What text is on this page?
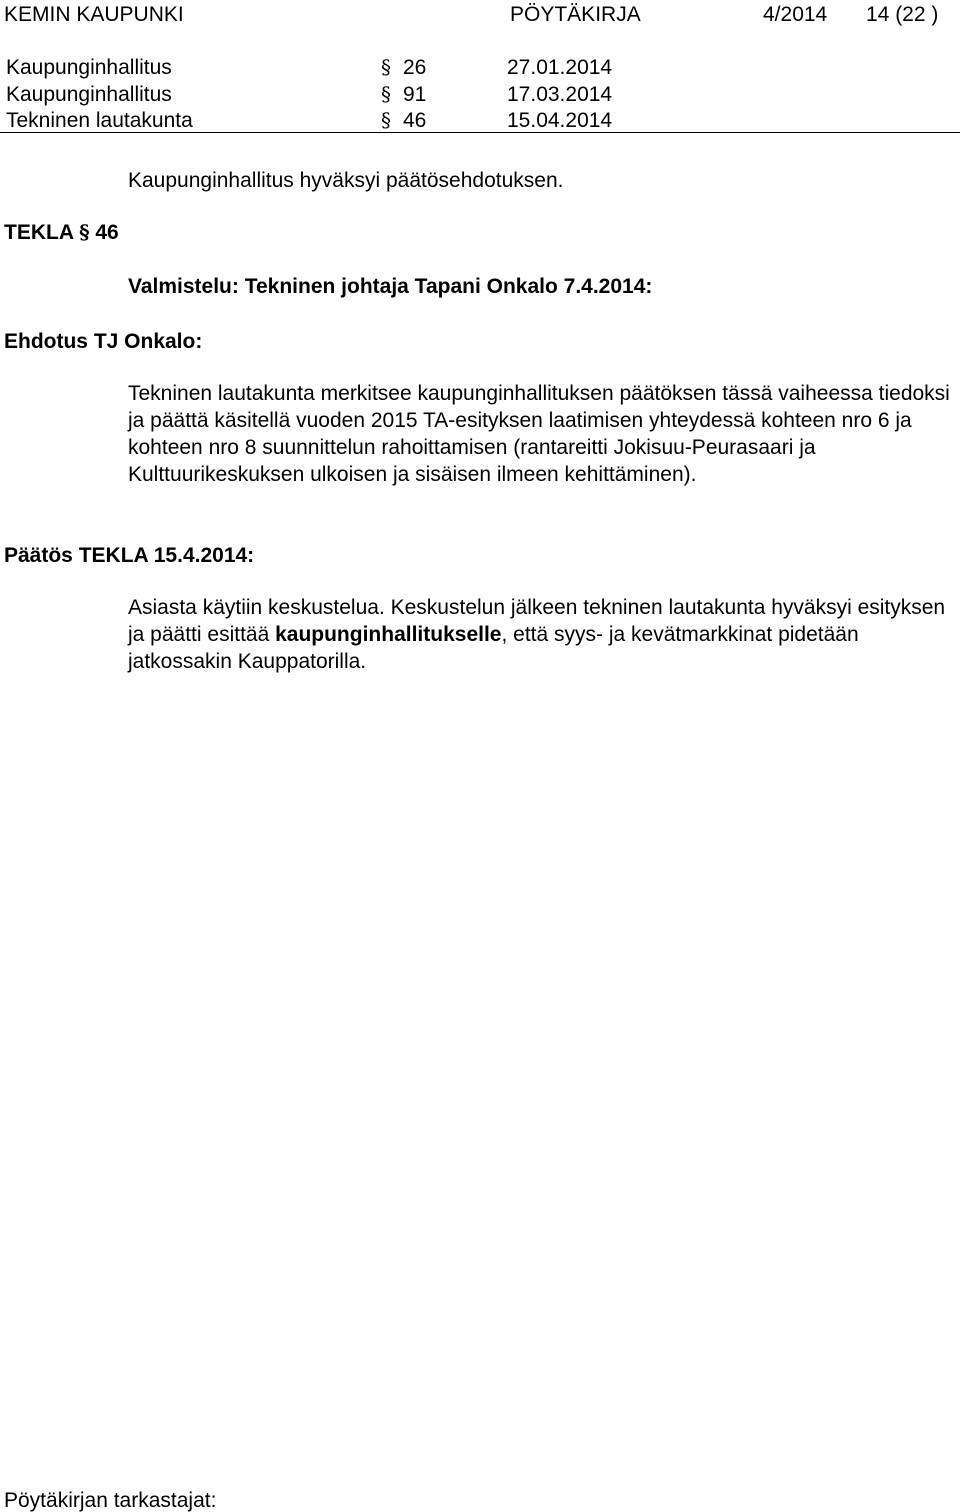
KEMIN KAUPUNKI	PÖYTÄKIRJA	4/2014 14 (22 )
Kaupunginhallitus	§ 26	27.01.2014
Kaupunginhallitus	§ 91	17.03.2014
Tekninen lautakunta	§ 46	15.04.2014
Kaupunginhallitus hyväksyi päätösehdotuksen.
TEKLA § 46
Valmistelu: Tekninen johtaja Tapani Onkalo 7.4.2014:
Ehdotus TJ Onkalo:
Tekninen lautakunta merkitsee kaupunginhallituksen päätöksen tässä vaiheessa tiedoksi ja päättä käsitellä vuoden 2015 TA-esityksen laatimisen yhteydessä kohteen nro 6 ja kohteen nro 8 suunnittelun rahoittamisen (rantareitti Jokisuu-Peurasaari ja Kulttuurikeskuksen ulkoisen ja sisäisen ilmeen kehittäminen).
Päätös TEKLA 15.4.2014:
Asiasta käytiin keskustelua. Keskustelun jälkeen tekninen lautakunta hyväksyi esityksen ja päätti esittää kaupunginhallitukselle, että syys- ja kevätmarkkinat pidetään jatkossakin Kauppatorilla.
Pöytäkirjan tarkastajat:
